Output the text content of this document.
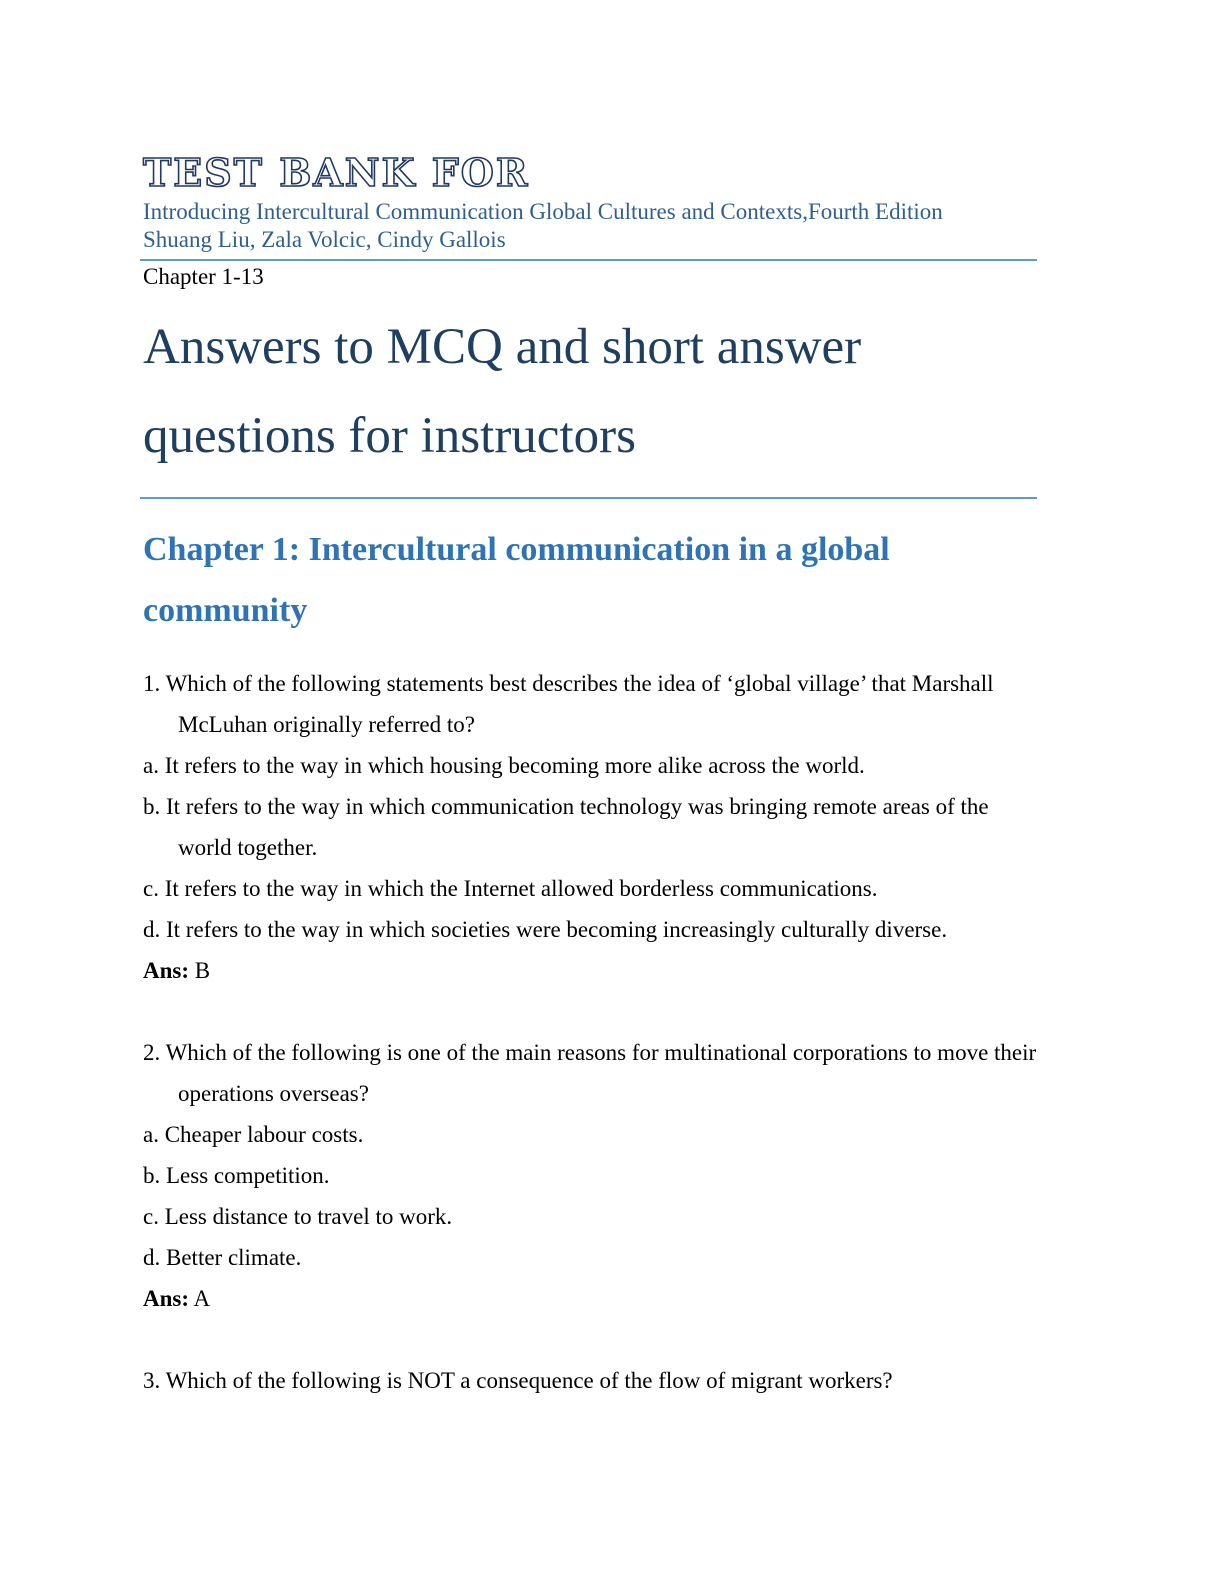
TEST BANK FOR

Introducing Intercultural Communication Global Cultures and Contexts,Fourth Edition

Shuang Liu, Zala Volcic, Cindy Gallois

Chapter 1-13

Answers to MCQ and short answer
questions for instructors
Chapter 1: Intercultural communication in a global
community

1. Which of the following statements best describes the idea of ‘global village’ that Marshall McLuhan originally referred to?

a. It refers to the way in which housing becoming more alike across the world.

b. It refers to the way in which communication technology was bringing remote areas of the world together.

c. It refers to the way in which the Internet allowed borderless communications.

d. It refers to the way in which societies were becoming increasingly culturally diverse.

Ans: B

2. Which of the following is one of the main reasons for multinational corporations to move their operations overseas?

a. Cheaper labour costs.

b. Less competition.

c. Less distance to travel to work.

d. Better climate.

Ans: A

3. Which of the following is NOT a consequence of the flow of migrant workers?
